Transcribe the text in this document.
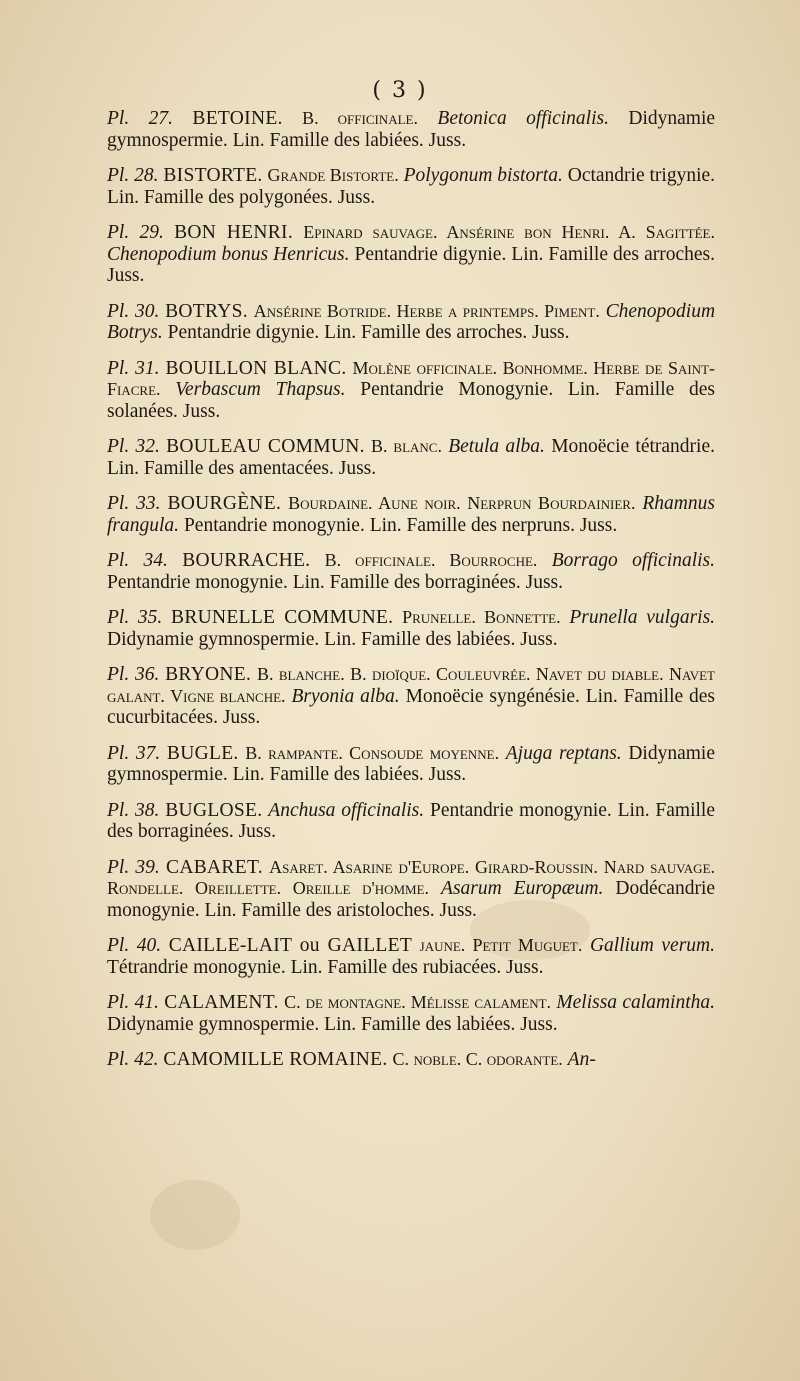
( 3 )

Pl. 27. BETOINE. B. officinale. Betonica officinalis. Didynamie gymnospermie. Lin. Famille des labiées. Juss.

Pl. 28. BISTORTE. Grande Bistorte. Polygonum bistorta. Octandrie trigynie. Lin. Famille des polygonées. Juss.

Pl. 29. BON HENRI. Epinard sauvage. Ansérine bon Henri. A. Sagittée. Chenopodium bonus Henricus. Pentandrie digynie. Lin. Famille des arroches. Juss.

Pl. 30. BOTRYS. Ansérine Botride. Herbe a printemps. Piment. Chenopodium Botrys. Pentandrie digynie. Lin. Famille des arroches. Juss.

Pl. 31. BOUILLON BLANC. Molène officinale. Bonhomme. Herbe de Saint-Fiacre. Verbascum Thapsus. Pentandrie Monogynie. Lin. Famille des solanées. Juss.

Pl. 32. BOULEAU COMMUN. B. blanc. Betula alba. Monoëcie tétrandrie. Lin. Famille des amentacées. Juss.

Pl. 33. BOURGÈNE. Bourdaine. Aune noir. Nerprun Bourdainier. Rhamnus frangula. Pentandrie monogynie. Lin. Famille des nerpruns. Juss.

Pl. 34. BOURRACHE. B. officinale. Bourroche. Borrago officinalis. Pentandrie monogynie. Lin. Famille des borraginées. Juss.

Pl. 35. BRUNELLE COMMUNE. Prunelle. Bonnette. Prunella vulgaris. Didynamie gymnospermie. Lin. Famille des labiées. Juss.

Pl. 36. BRYONE. B. blanche. B. dioïque. Couleuvrée. Navet du diable. Navet galant. Vigne blanche. Bryonia alba. Monoëcie syngénésie. Lin. Famille des cucurbitacées. Juss.

Pl. 37. BUGLE. B. rampante. Consoude moyenne. Ajuga reptans. Didynamie gymnospermie. Lin. Famille des labiées. Juss.

Pl. 38. BUGLOSE. Anchusa officinalis. Pentandrie monogynie. Lin. Famille des borraginées. Juss.

Pl. 39. CABARET. Asaret. Asarine d'Europe. Girard-Roussin. Nard sauvage. Rondelle. Oreillette. Oreille d'homme. Asarum Europæum. Dodécandrie monogynie. Lin. Famille des aristoloches. Juss.

Pl. 40. CAILLE-LAIT ou GAILLET jaune. Petit Muguet. Gallium verum. Tétrandrie monogynie. Lin. Famille des rubiacées. Juss.

Pl. 41. CALAMENT. C. de montagne. Mélisse calament. Melissa calamintha. Didynamie gymnospermie. Lin. Famille des labiées. Juss.

Pl. 42. CAMOMILLE ROMAINE. C. noble. C. odorante. An-
